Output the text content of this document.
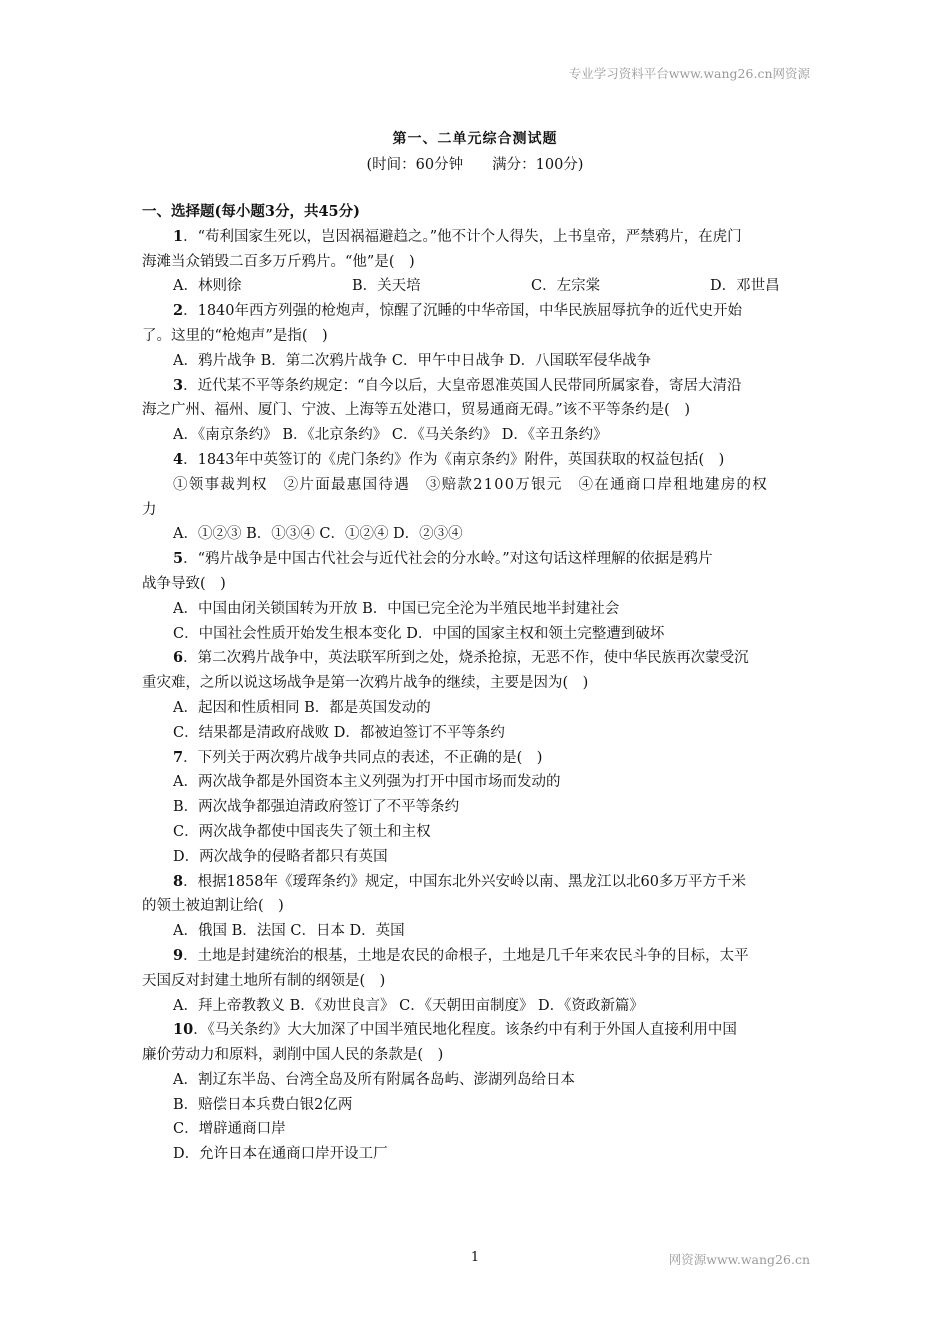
专业学习资料平台www.wang26.cn网资源
第一、二单元综合测试题
(时间：60分钟　　满分：100分)
一、选择题(每小题3分，共45分)
1．“苟利国家生死以，岂因祸福避趋之。”他不计个人得失，上书皇帝，严禁鸦片，在虎门
海滩当众销毁二百多万斤鸦片。“他”是(　)
A．林则徐	B．关天培	C．左宗棠	D．邓世昌
2．1840年西方列强的枪炮声，惊醒了沉睡的中华帝国，中华民族屈辱抗争的近代史开始
了。这里的“枪炮声”是指(　)
A．鸦片战争 B．第二次鸦片战争 C．甲午中日战争 D．八国联军侵华战争
3．近代某不平等条约规定：“自今以后，大皇帝恩准英国人民带同所属家眷，寄居大清沿
海之广州、福州、厦门、宁波、上海等五处港口，贸易通商无碍。”该不平等条约是(　)
A．《南京条约》 B．《北京条约》 C．《马关条约》 D．《辛丑条约》
4．1843年中英签订的《虎门条约》作为《南京条约》附件，英国获取的权益包括(　)
①领事裁判权　②片面最惠国待遇　③赔款2100万银元　④在通商口岸租地建房的权
力
A．①②③ B．①③④ C．①②④ D．②③④
5．“鸦片战争是中国古代社会与近代社会的分水岭。”对这句话这样理解的依据是鸦片
战争导致(　)
A．中国由闭关锁国转为开放 B．中国已完全沦为半殖民地半封建社会
C．中国社会性质开始发生根本变化 D．中国的国家主权和领土完整遭到破坏
6．第二次鸦片战争中，英法联军所到之处，烧杀抢掠，无恶不作，使中华民族再次蒙受沉
重灾难，之所以说这场战争是第一次鸦片战争的继续，主要是因为(　)
A．起因和性质相同 B．都是英国发动的
C．结果都是清政府战败 D．都被迫签订不平等条约
7．下列关于两次鸦片战争共同点的表述，不正确的是(　)
A．两次战争都是外国资本主义列强为打开中国市场而发动的
B．两次战争都强迫清政府签订了不平等条约
C．两次战争都使中国丧失了领土和主权
D．两次战争的侵略者都只有英国
8．根据1858年《瑷珲条约》规定，中国东北外兴安岭以南、黑龙江以北60多万平方千米
的领土被迫割让给(　)
A．俄国 B．法国 C．日本 D．英国
9．土地是封建统治的根基，土地是农民的命根子，土地是几千年来农民斗争的目标，太平
天国反对封建土地所有制的纲领是(　)
A．拜上帝教教义 B．《劝世良言》 C．《天朝田亩制度》 D．《资政新篇》
10．《马关条约》大大加深了中国半殖民地化程度。该条约中有利于外国人直接利用中国
廉价劳动力和原料，剥削中国人民的条款是(　)
A．割辽东半岛、台湾全岛及所有附属各岛屿、澎湖列岛给日本
B．赔偿日本兵费白银2亿两
C．增辟通商口岸
D．允许日本在通商口岸开设工厂
1	网资源www.wang26.cn
